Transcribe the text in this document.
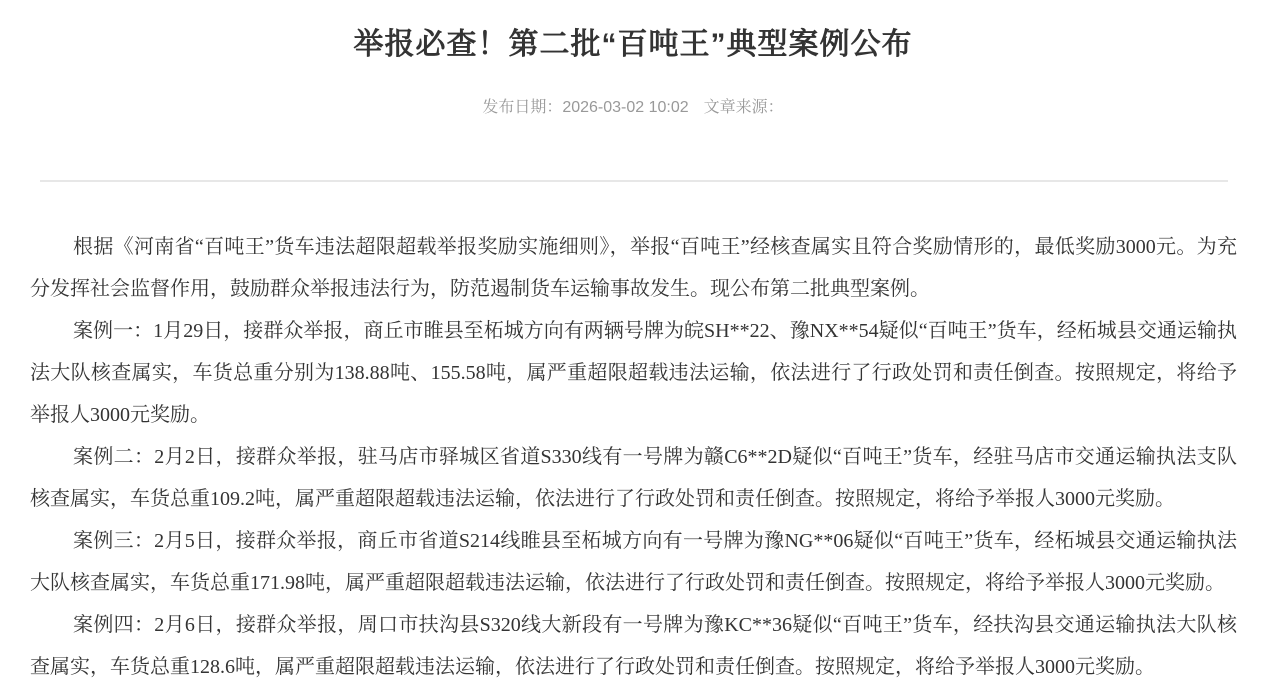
举报必查！第二批“百吨王”典型案例公布
发布日期：2026-03-02 10:02 文章来源：

根据《河南省“百吨王”货车违法超限超载举报奖励实施细则》，举报“百吨王”经核查属实且符合奖励情形的，最低奖励3000元。为充分发挥社会监督作用，鼓励群众举报违法行为，防范遏制货车运输事故发生。现公布第二批典型案例。

案例一：1月29日，接群众举报，商丘市睢县至柘城方向有两辆号牌为皖SH**22、豫NX**54疑似“百吨王”货车，经柘城县交通运输执法大队核查属实，车货总重分别为138.88吨、155.58吨，属严重超限超载违法运输，依法进行了行政处罚和责任倒查。按照规定，将给予举报人3000元奖励。

案例二：2月2日，接群众举报，驻马店市驿城区省道S330线有一号牌为赣C6**2D疑似“百吨王”货车，经驻马店市交通运输执法支队核查属实，车货总重109.2吨，属严重超限超载违法运输，依法进行了行政处罚和责任倒查。按照规定，将给予举报人3000元奖励。

案例三：2月5日，接群众举报，商丘市省道S214线睢县至柘城方向有一号牌为豫NG**06疑似“百吨王”货车，经柘城县交通运输执法大队核查属实，车货总重171.98吨，属严重超限超载违法运输，依法进行了行政处罚和责任倒查。按照规定，将给予举报人3000元奖励。

案例四：2月6日，接群众举报，周口市扶沟县S320线大新段有一号牌为豫KC**36疑似“百吨王”货车，经扶沟县交通运输执法大队核查属实，车货总重128.6吨，属严重超限超载违法运输，依法进行了行政处罚和责任倒查。按照规定，将给予举报人3000元奖励。
